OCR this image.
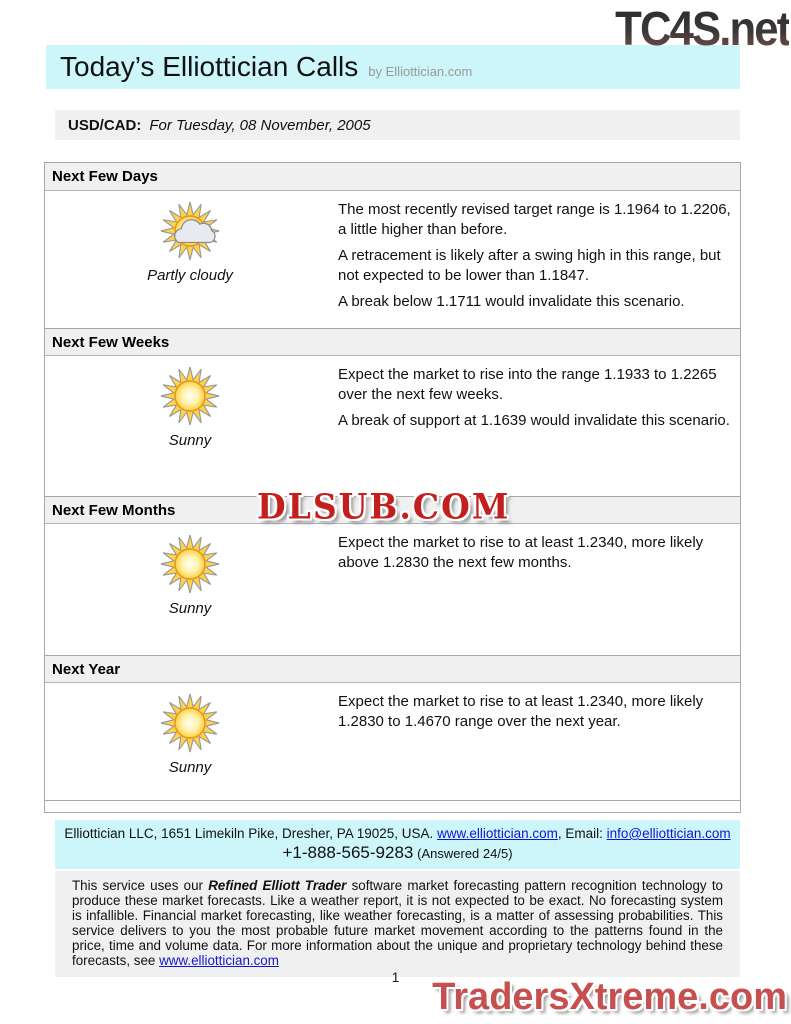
TC4S.net
Today’s Elliottician Calls by Elliottician.com
USD/CAD: For Tuesday, 08 November, 2005
Next Few Days
Partly cloudy

The most recently revised target range is 1.1964 to 1.2206, a little higher than before.

A retracement is likely after a swing high in this range, but not expected to be lower than 1.1847.

A break below 1.1711 would invalidate this scenario.

Next Few Weeks
Sunny

Expect the market to rise into the range 1.1933 to 1.2265 over the next few weeks.

A break of support at 1.1639 would invalidate this scenario.

Next Few Months
Sunny

Expect the market to rise to at least 1.2340, more likely above 1.2830 the next few months.

Next Year
Sunny

Expect the market to rise to at least 1.2340, more likely 1.2830 to 1.4670 range over the next year.

DLSUB.COM
Elliottician LLC, 1651 Limekiln Pike, Dresher, PA 19025, USA. www.elliottician.com, Email: info@elliottician.com
+1-888-565-9283 (Answered 24/5)
This service uses our Refined Elliott Trader software market forecasting pattern recognition technology to produce these market forecasts. Like a weather report, it is not expected to be exact. No forecasting system is infallible. Financial market forecasting, like weather forecasting, is a matter of assessing probabilities. This service delivers to you the most probable future market movement according to the patterns found in the price, time and volume data. For more information about the unique and proprietary technology behind these forecasts, see www.elliottician.com
1 TradersXtreme.com
